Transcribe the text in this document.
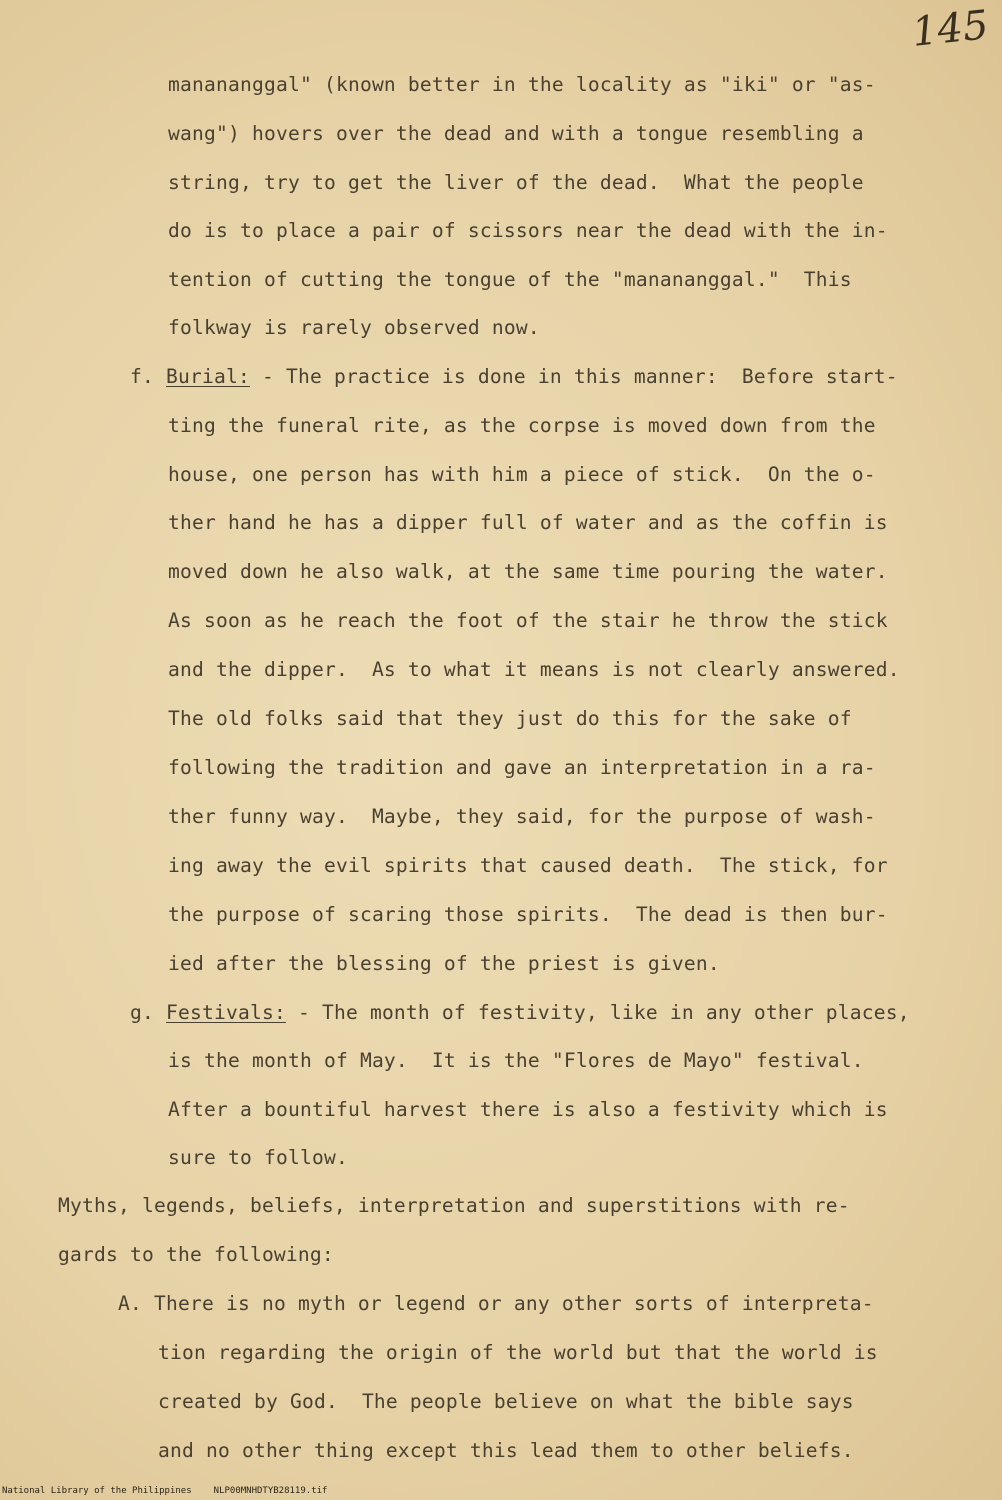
145
manananggal" (known better in the locality as "iki" or "as-
wang") hovers over the dead and with a tongue resembling a
string, try to get the liver of the dead.  What the people
do is to place a pair of scissors near the dead with the in-
tention of cutting the tongue of the "manananggal."  This
folkway is rarely observed now.
f. Burial: - The practice is done in this manner:  Before start-
ting the funeral rite, as the corpse is moved down from the
house, one person has with him a piece of stick.  On the o-
ther hand he has a dipper full of water and as the coffin is
moved down he also walk, at the same time pouring the water.
As soon as he reach the foot of the stair he throw the stick
and the dipper.  As to what it means is not clearly answered.
The old folks said that they just do this for the sake of
following the tradition and gave an interpretation in a ra-
ther funny way.  Maybe, they said, for the purpose of wash-
ing away the evil spirits that caused death.  The stick, for
the purpose of scaring those spirits.  The dead is then bur-
ied after the blessing of the priest is given.
g. Festivals: - The month of festivity, like in any other places,
is the month of May.  It is the "Flores de Mayo" festival.
After a bountiful harvest there is also a festivity which is
sure to follow.
Myths, legends, beliefs, interpretation and superstitions with re-
gards to the following:
A. There is no myth or legend or any other sorts of interpreta-
tion regarding the origin of the world but that the world is
created by God.  The people believe on what the bible says
and no other thing except this lead them to other beliefs.
National Library of the Philippines NLP00MNHDTYB28119.tif
